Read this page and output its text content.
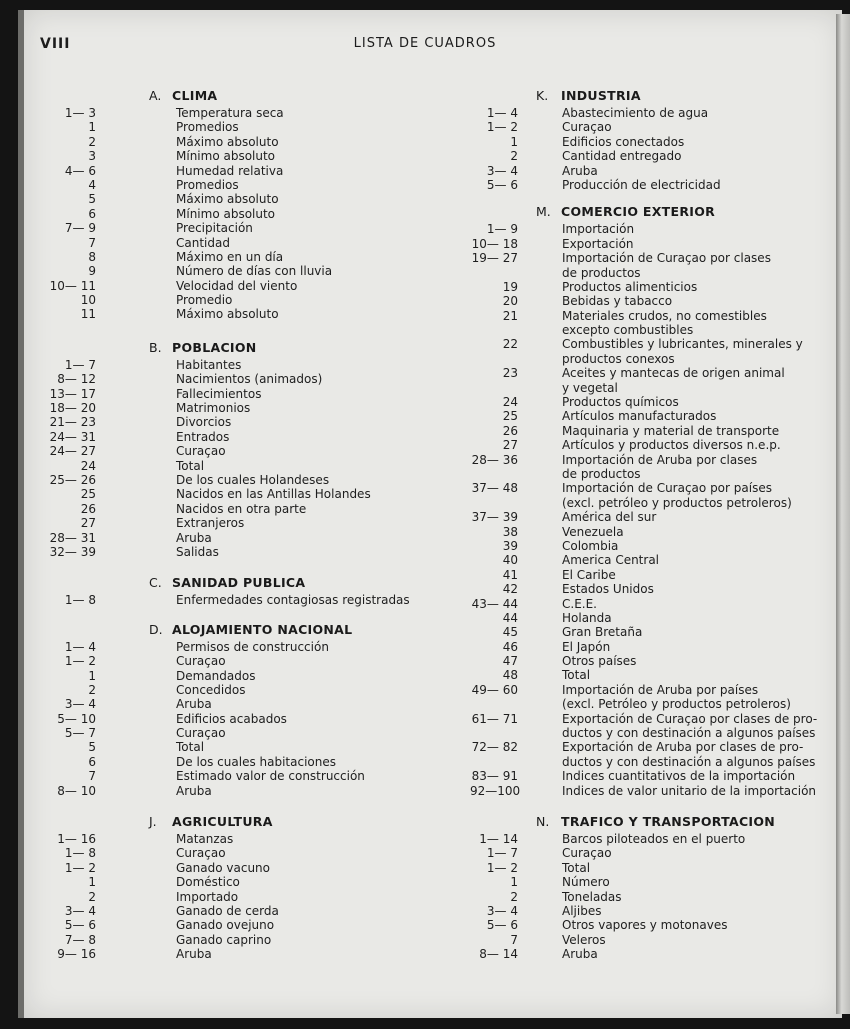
VIII	LISTA DE CUADROS
A. CLIMA
1— 3	Temperatura seca
1	Promedios
2	Máximo absoluto
3	Mínimo absoluto
4— 6	Humedad relativa
4	Promedios
5	Máximo absoluto
6	Mínimo absoluto
7— 9	Precipitación
7	Cantidad
8	Máximo en un día
9	Número de días con lluvia
10— 11	Velocidad del viento
10	Promedio
11	Máximo absoluto
B. POBLACION
1— 7	Habitantes
8— 12	Nacimientos (animados)
13— 17	Fallecimientos
18— 20	Matrimonios
21— 23	Divorcios
24— 31	Entrados
24— 27	Curaçao
24	Total
25— 26	De los cuales Holandeses
25	Nacidos en las Antillas Holandes
26	Nacidos en otra parte
27	Extranjeros
28— 31	Aruba
32— 39	Salidas
C. SANIDAD PUBLICA
1— 8	Enfermedades contagiosas registradas
D. ALOJAMIENTO NACIONAL
1— 4	Permisos de construcción
1— 2	Curaçao
1	Demandados
2	Concedidos
3— 4	Aruba
5— 10	Edificios acabados
5— 7	Curaçao
5	Total
6	De los cuales habitaciones
7	Estimado valor de construcción
8— 10	Aruba
J. AGRICULTURA
1— 16	Matanzas
1— 8	Curaçao
1— 2	Ganado vacuno
1	Doméstico
2	Importado
3— 4	Ganado de cerda
5— 6	Ganado ovejuno
7— 8	Ganado caprino
9— 16	Aruba
K. INDUSTRIA
1— 4	Abastecimiento de agua
1— 2	Curaçao
1	Edificios conectados
2	Cantidad entregado
3— 4	Aruba
5— 6	Producción de electricidad
M. COMERCIO EXTERIOR
1— 9	Importación
10— 18	Exportación
19— 27	Importación de Curaçao por clases
de productos
19	Productos alimenticios
20	Bebidas y tabacco
21	Materiales crudos, no comestibles
excepto combustibles
22	Combustibles y lubricantes, minerales y
productos conexos
23	Aceites y mantecas de origen animal
y vegetal
24	Productos químicos
25	Artículos manufacturados
26	Maquinaria y material de transporte
27	Artículos y productos diversos n.e.p.
28— 36	Importación de Aruba por clases
de productos
37— 48	Importación de Curaçao por países
(excl. petróleo y productos petroleros)
37— 39	América del sur
38	Venezuela
39	Colombia
40	America Central
41	El Caribe
42	Estados Unidos
43— 44	C.E.E.
44	Holanda
45	Gran Bretaña
46	El Japón
47	Otros países
48	Total
49— 60	Importación de Aruba por países
(excl. Petróleo y productos petroleros)
61— 71	Exportación de Curaçao por clases de pro-
ductos y con destinación a algunos países
72— 82	Exportación de Aruba por clases de pro-
ductos y con destinación a algunos países
83— 91	Indices cuantitativos de la importación
92—100	Indices de valor unitario de la importación
N. TRAFICO Y TRANSPORTACION
1— 14	Barcos piloteados en el puerto
1— 7	Curaçao
1— 2	Total
1	Número
2	Toneladas
3— 4	Aljibes
5— 6	Otros vapores y motonaves
7	Veleros
8— 14	Aruba
